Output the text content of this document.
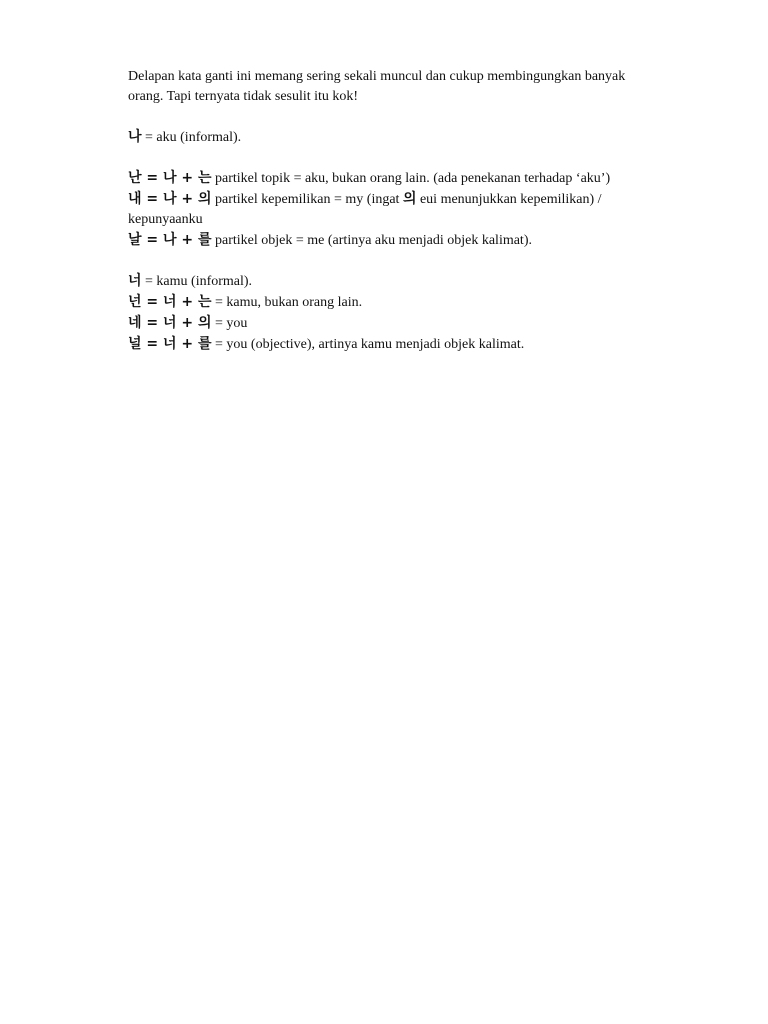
Delapan kata ganti ini memang sering sekali muncul dan cukup membingungkan banyak
orang. Tapi ternyata tidak sesulit itu kok!
나 = aku (informal).
난 = 나 + 는 partikel topik = aku, bukan orang lain. (ada penekanan terhadap ‘aku’)
내 = 나 + 의 partikel kepemilikan = my (ingat 의 eui menunjukkan kepemilikan) /
kepunyaanku
날 = 나 + 를 partikel objek = me (artinya aku menjadi objek kalimat).
너 = kamu (informal).
넌 = 너 + 는 = kamu, bukan orang lain.
네 = 너 + 의 = you
널 = 너 + 를 = you (objective), artinya kamu menjadi objek kalimat.
